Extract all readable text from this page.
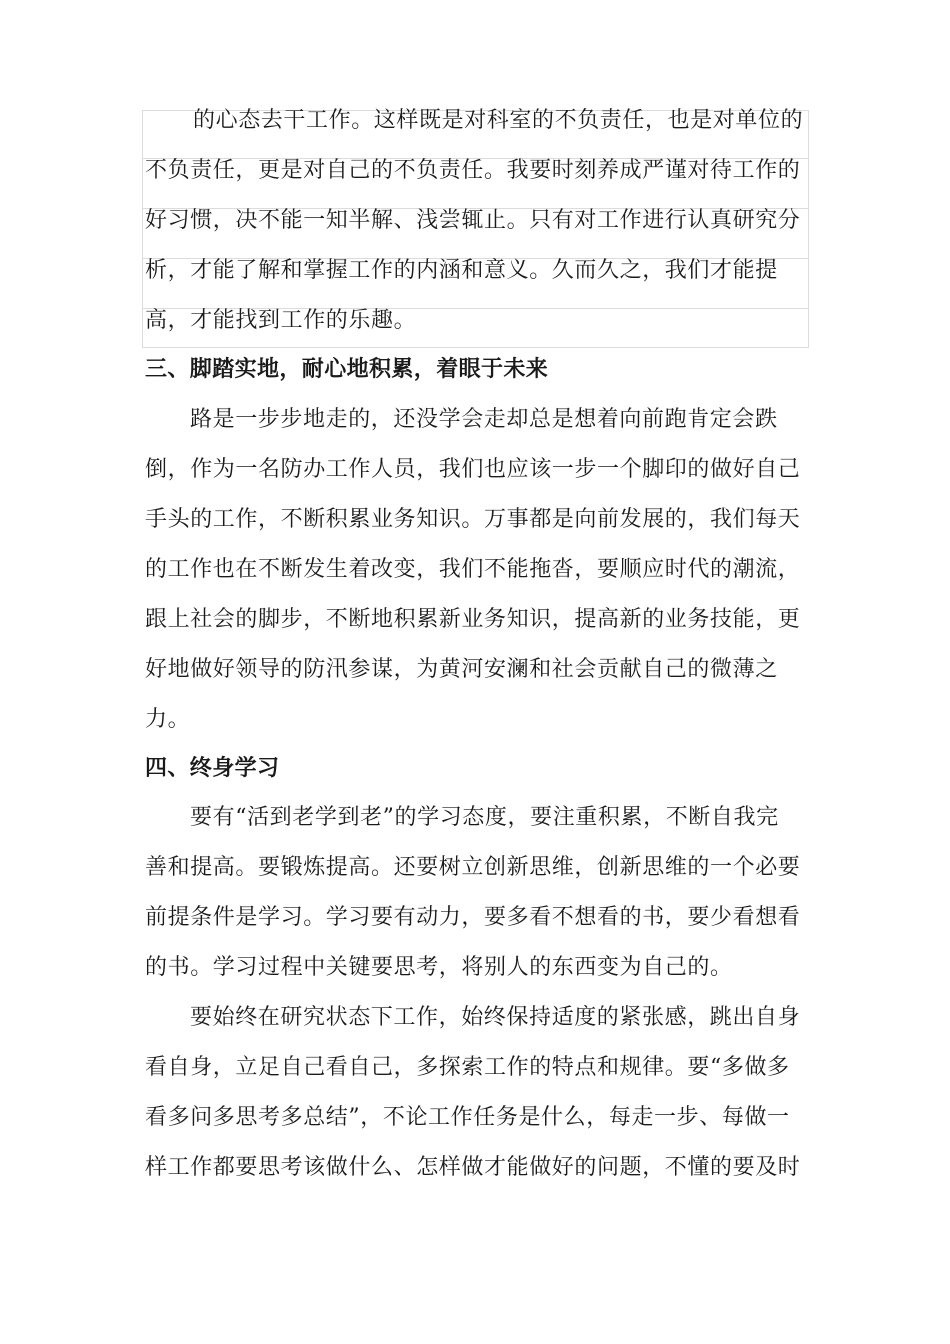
的心态去干工作。这样既是对科室的不负责任，也是对单位的
不负责任，更是对自己的不负责任。我要时刻养成严谨对待工作的
好习惯，决不能一知半解、浅尝辄止。只有对工作进行认真研究分
析，才能了解和掌握工作的内涵和意义。久而久之，我们才能提
高，才能找到工作的乐趣。
三、脚踏实地，耐心地积累，着眼于未来
路是一步步地走的，还没学会走却总是想着向前跑肯定会跌
倒，作为一名防办工作人员，我们也应该一步一个脚印的做好自己
手头的工作，不断积累业务知识。万事都是向前发展的，我们每天
的工作也在不断发生着改变，我们不能拖沓，要顺应时代的潮流，
跟上社会的脚步，不断地积累新业务知识，提高新的业务技能，更
好地做好领导的防汛参谋，为黄河安澜和社会贡献自己的微薄之
力。
四、终身学习
要有“活到老学到老”的学习态度，要注重积累，不断自我完
善和提高。要锻炼提高。还要树立创新思维，创新思维的一个必要
前提条件是学习。学习要有动力，要多看不想看的书，要少看想看
的书。学习过程中关键要思考，将别人的东西变为自己的。
要始终在研究状态下工作，始终保持适度的紧张感，跳出自身
看自身，立足自己看自己，多探索工作的特点和规律。要“多做多
看多问多思考多总结”，不论工作任务是什么，每走一步、每做一
样工作都要思考该做什么、怎样做才能做好的问题，不懂的要及时
